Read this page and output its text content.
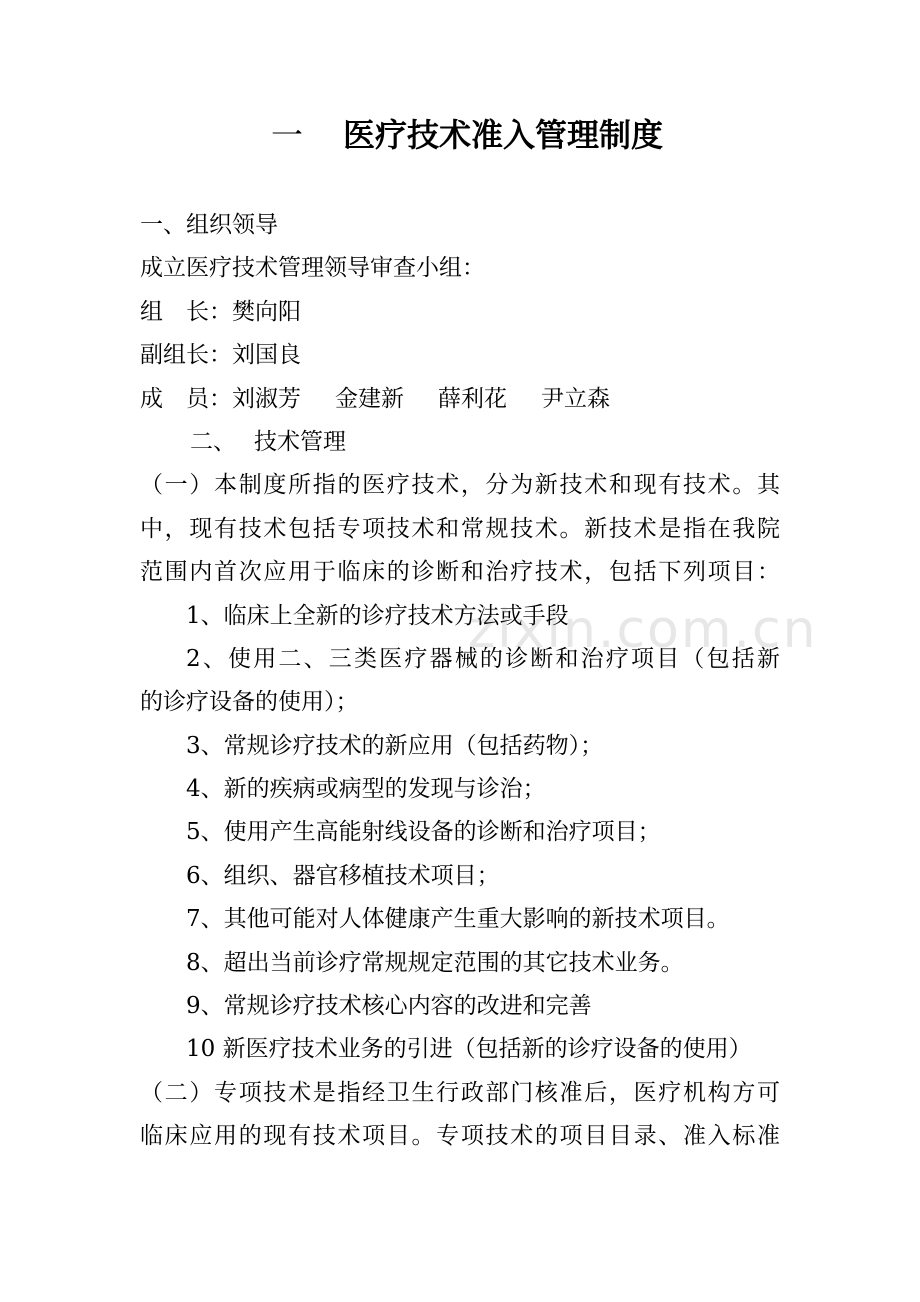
一 医疗技术准入管理制度
一、组织领导
成立医疗技术管理领导审查小组：
组　长：樊向阳
副组长：刘国良
成　员：刘淑芳 金建新 薛利花 尹立森
二、 技术管理
（一）本制度所指的医疗技术，分为新技术和现有技术。其
中，现有技术包括专项技术和常规技术。新技术是指在我院
范围内首次应用于临床的诊断和治疗技术，包括下列项目：
1、临床上全新的诊疗技术方法或手段
2、使用二、三类医疗器械的诊断和治疗项目（包括新
的诊疗设备的使用）；
3、常规诊疗技术的新应用（包括药物）；
4、新的疾病或病型的发现与诊治；
5、使用产生高能射线设备的诊断和治疗项目；
6、组织、器官移植技术项目；
7、其他可能对人体健康产生重大影响的新技术项目。
8、超出当前诊疗常规规定范围的其它技术业务。
9、常规诊疗技术核心内容的改进和完善
10 新医疗技术业务的引进（包括新的诊疗设备的使用）
（二）专项技术是指经卫生行政部门核准后，医疗机构方可
临床应用的现有技术项目。专项技术的项目目录、准入标准
zixin.com.cn
